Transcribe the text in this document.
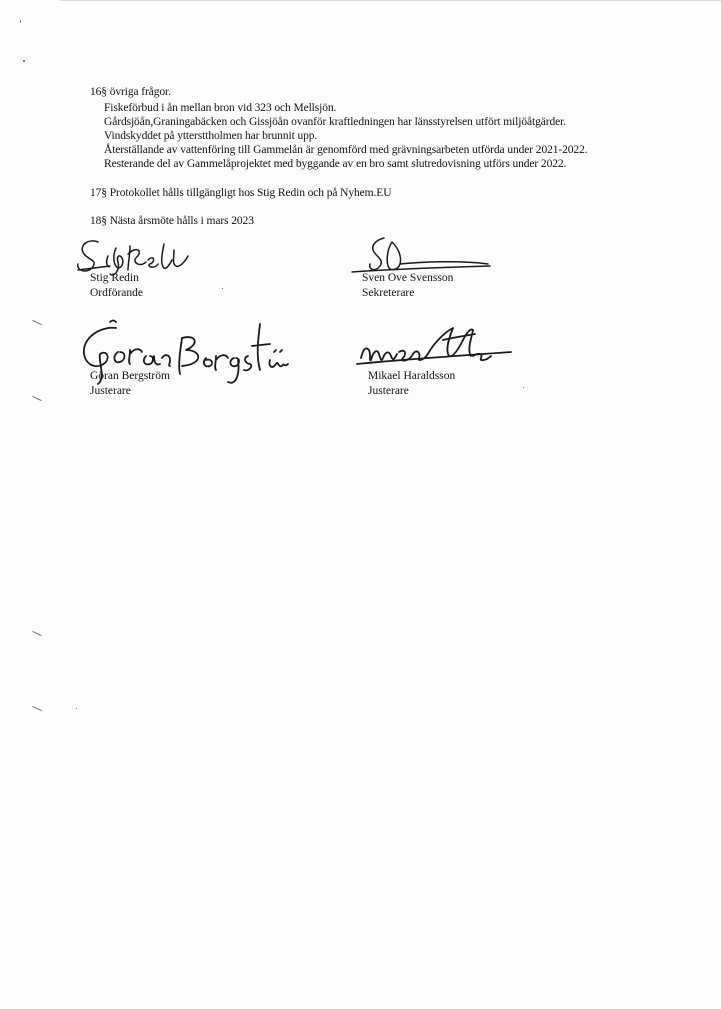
16§ övriga frågor.
Fiskeförbud i ån mellan bron vid 323 och Mellsjön.
Gårdsjöån,Graningabäcken och Gissjöån ovanför kraftledningen har länsstyrelsen utfört miljöåtgärder.
Vindskyddet på yttersttholmen har brunnit upp.
Återställande av vattenföring till Gammelån är genomförd med grävningsarbeten utförda under 2021-2022.
Resterande del av Gammelåprojektet med byggande av en bro samt slutredovisning utförs under 2022.
17§ Protokollet hålls tillgängligt hos Stig Redin och på Nyhem.EU
18§ Nästa årsmöte hålls i mars 2023
Stig Redin
Ordförande
Sven Ove Svensson
Sekreterare
Göran Bergström
Justerare
Mikael Haraldsson
Justerare
